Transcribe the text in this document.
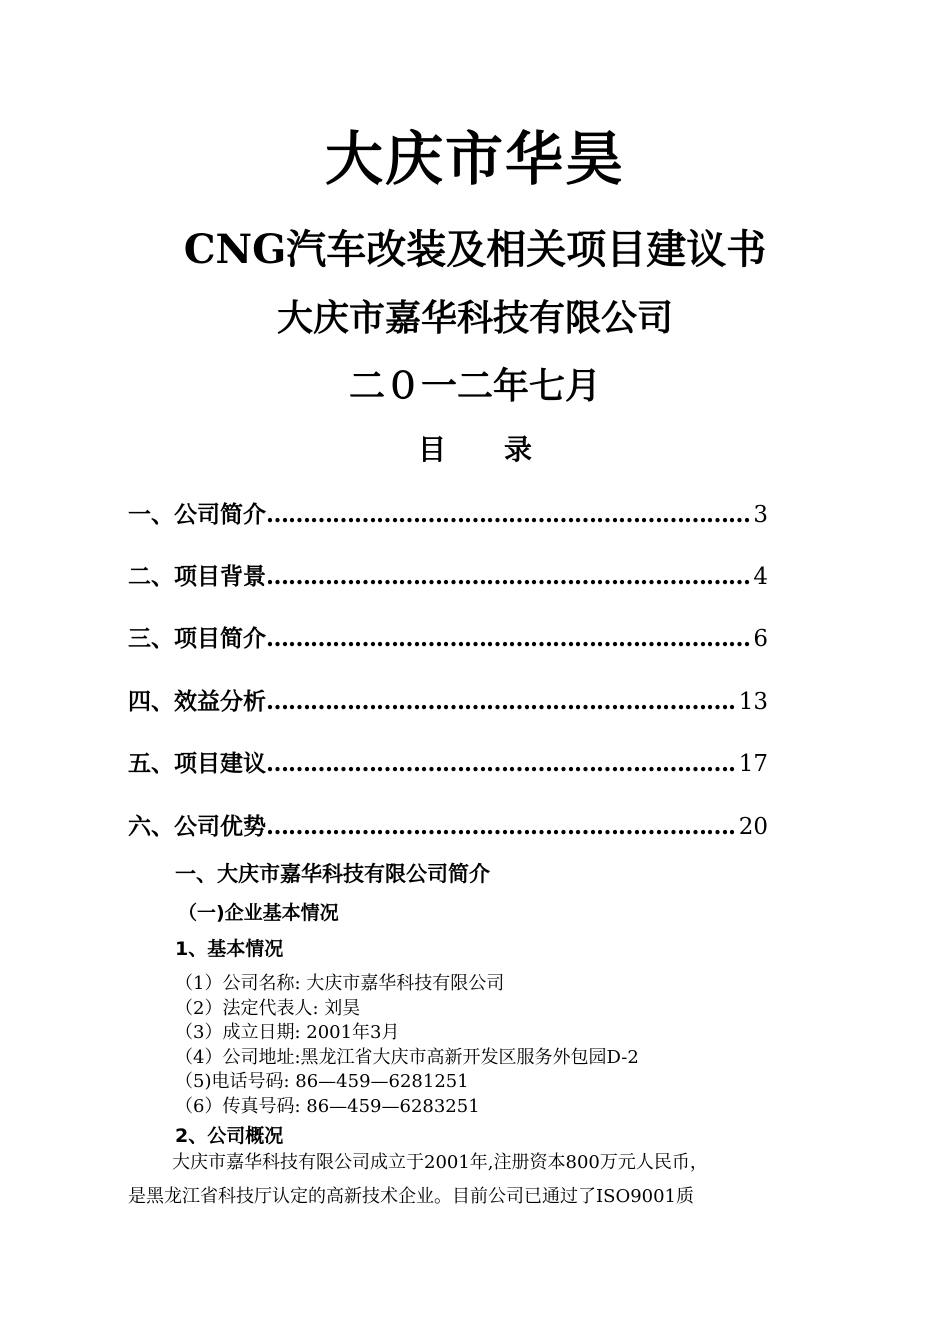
大庆市华昊
CNG汽车改装及相关项目建议书
大庆市嘉华科技有限公司
二０一二年七月
目录
一、公司简介 ……………………………………………………………………………………………………………………	3
二、项目背景 ……………………………………………………………………………………………………………………	4
三、项目简介 ……………………………………………………………………………………………………………………	6
四、效益分析 ……………………………………………………………………………………………………………………	13
五、项目建议 ……………………………………………………………………………………………………………………	17
六、公司优势 ……………………………………………………………………………………………………………………	20
一、大庆市嘉华科技有限公司简介
（一)企业基本情况
1、基本情况
（1）公司名称: 大庆市嘉华科技有限公司
（2）法定代表人: 刘昊
（3）成立日期: 2001年3月
（4）公司地址:黑龙江省大庆市高新开发区服务外包园D-2
（5)电话号码: 86—459—6281251
（6）传真号码: 86—459—6283251
2、公司概况

大庆市嘉华科技有限公司成立于2001年,注册资本800万元人民币，

是黑龙江省科技厅认定的高新技术企业。目前公司已通过了ISO9001质
